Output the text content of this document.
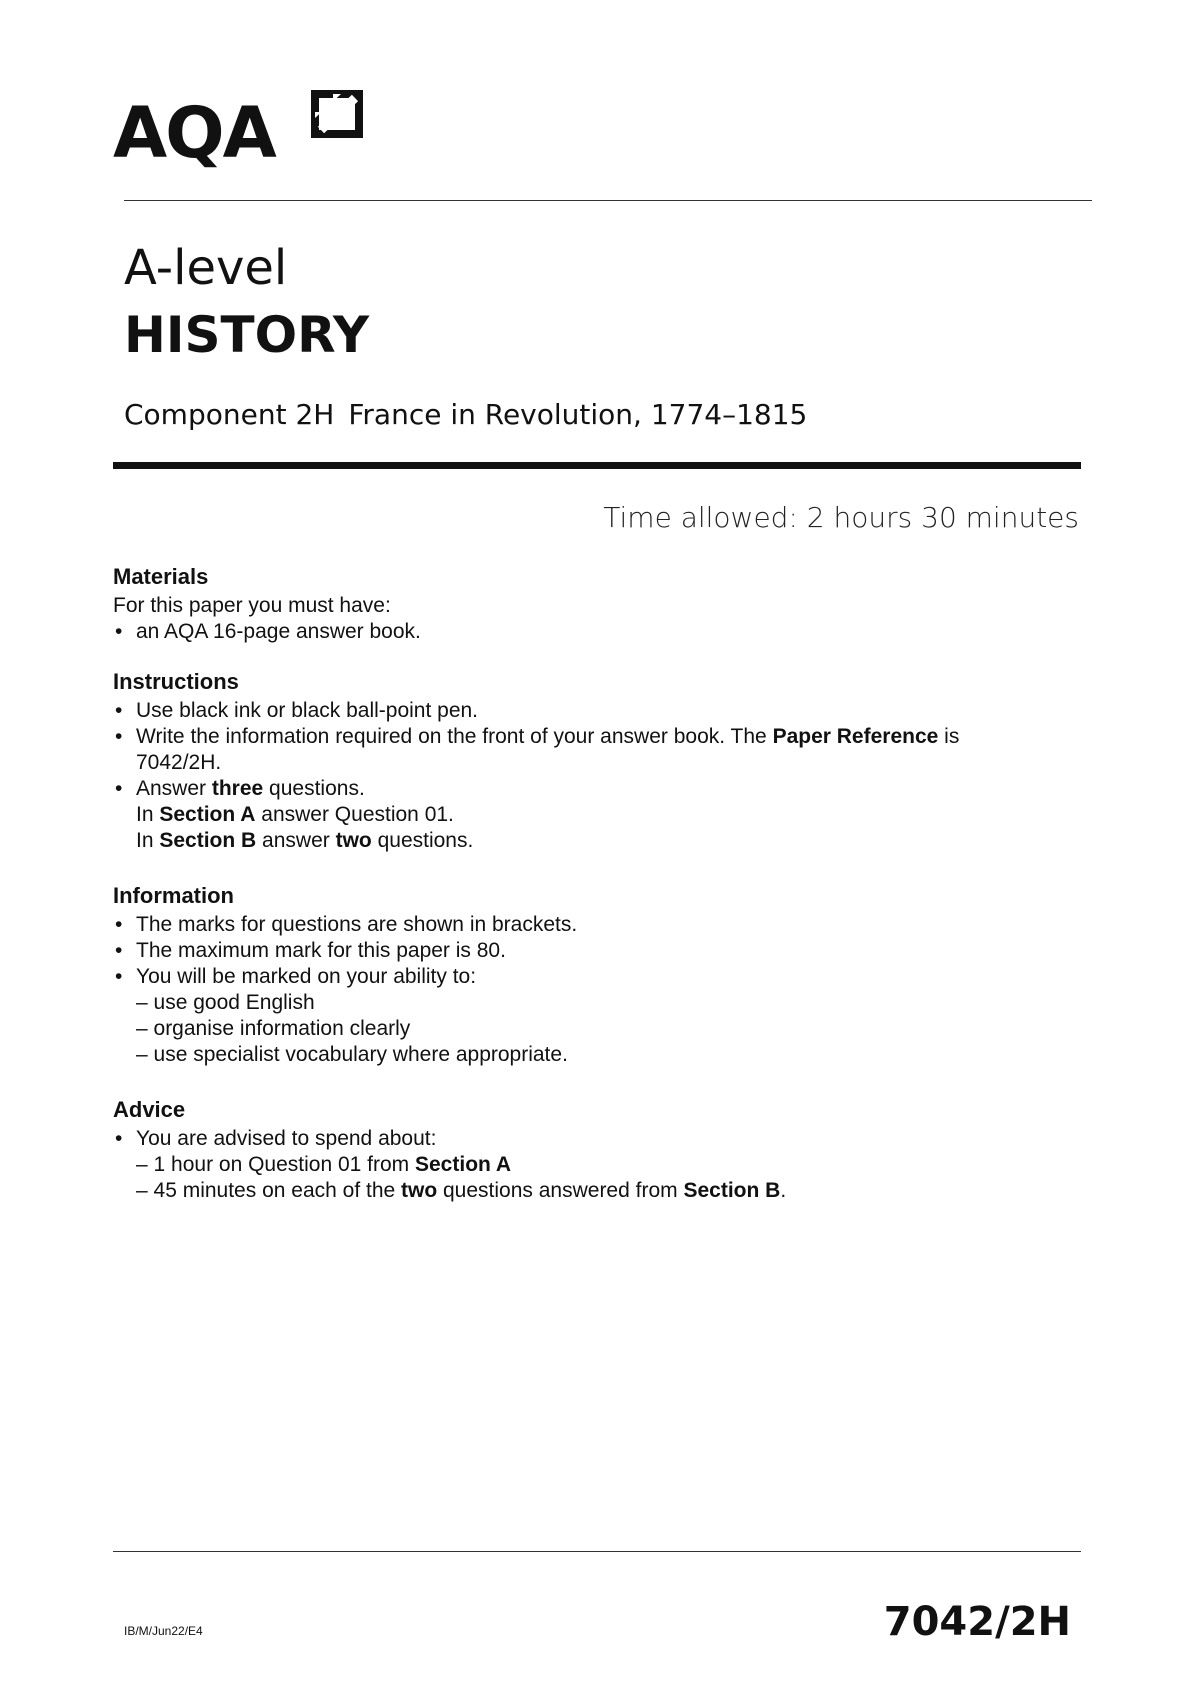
AQA
A-level
HISTORY
Component 2H France in Revolution, 1774–1815
Time allowed: 2 hours 30 minutes
Materials

For this paper you must have:

• an AQA 16-page answer book.
Instructions
• Use black ink or black ball-point pen.
• Write the information required on the front of your answer book. The Paper Reference is 7042/2H.
• Answer three questions.
In Section A answer Question 01.
In Section B answer two questions.
Information
• The marks for questions are shown in brackets.
• The maximum mark for this paper is 80.
• You will be marked on your ability to:
– use good English
– organise information clearly
– use specialist vocabulary where appropriate.
Advice
• You are advised to spend about:
– 1 hour on Question 01 from Section A
– 45 minutes on each of the two questions answered from Section B.
IB/M/Jun22/E4	7042/2H
